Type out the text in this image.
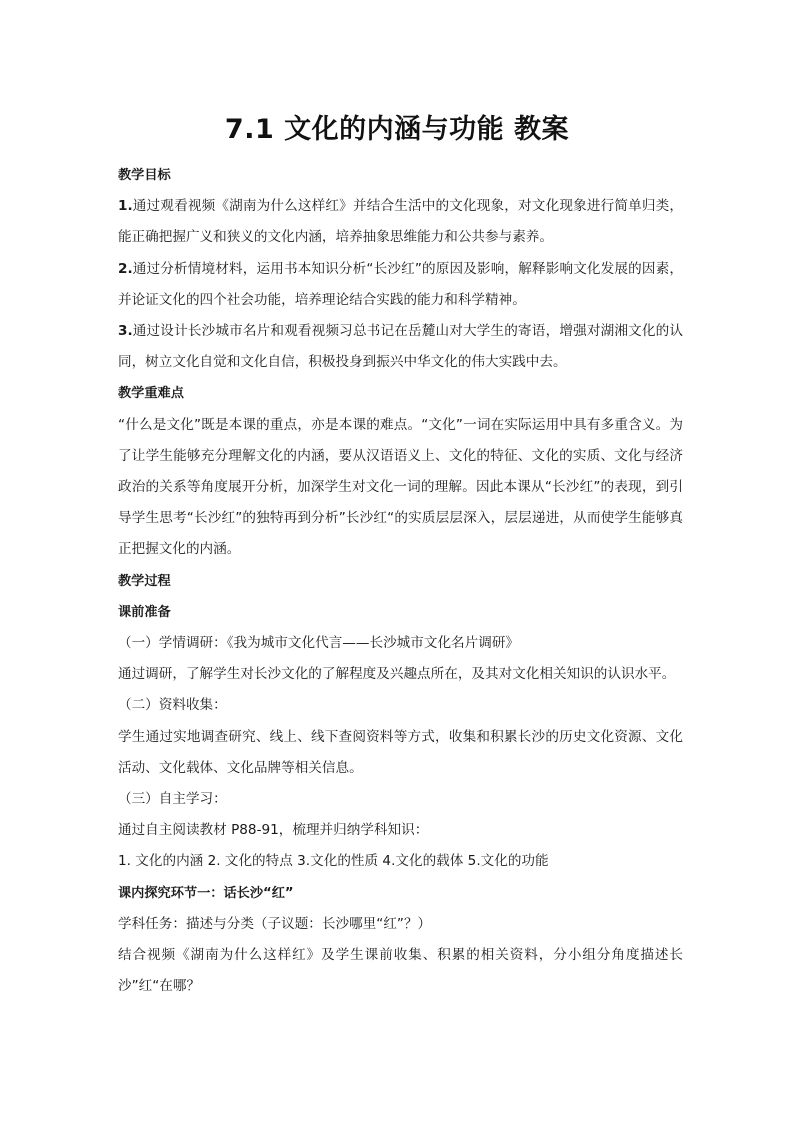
7.1 文化的内涵与功能 教案

教学目标

1.通过观看视频《湖南为什么这样红》并结合生活中的文化现象，对文化现象进行简单归类，能正确把握广义和狭义的文化内涵，培养抽象思维能力和公共参与素养。

2.通过分析情境材料，运用书本知识分析“长沙红”的原因及影响，解释影响文化发展的因素，并论证文化的四个社会功能，培养理论结合实践的能力和科学精神。

3.通过设计长沙城市名片和观看视频习总书记在岳麓山对大学生的寄语，增强对湖湘文化的认同，树立文化自觉和文化自信，积极投身到振兴中华文化的伟大实践中去。

教学重难点

“什么是文化”既是本课的重点，亦是本课的难点。“文化”一词在实际运用中具有多重含义。为了让学生能够充分理解文化的内涵，要从汉语语义上、文化的特征、文化的实质、文化与经济政治的关系等角度展开分析，加深学生对文化一词的理解。因此本课从“长沙红”的表现，到引导学生思考“长沙红”的独特再到分析”长沙红“的实质层层深入，层层递进，从而使学生能够真正把握文化的内涵。

教学过程

课前准备

（一）学情调研：《我为城市文化代言——长沙城市文化名片调研》

通过调研，了解学生对长沙文化的了解程度及兴趣点所在，及其对文化相关知识的认识水平。

（二）资料收集：

学生通过实地调查研究、线上、线下查阅资料等方式，收集和积累长沙的历史文化资源、文化活动、文化载体、文化品牌等相关信息。

（三）自主学习：

通过自主阅读教材 P88-91，梳理并归纳学科知识：

1. 文化的内涵 2. 文化的特点 3.文化的性质 4.文化的载体 5.文化的功能

课内探究环节一：话长沙“红”

学科任务：描述与分类（子议题：长沙哪里“红”？）

结合视频《湖南为什么这样红》及学生课前收集、积累的相关资料，分小组分角度描述长沙”红“在哪？
